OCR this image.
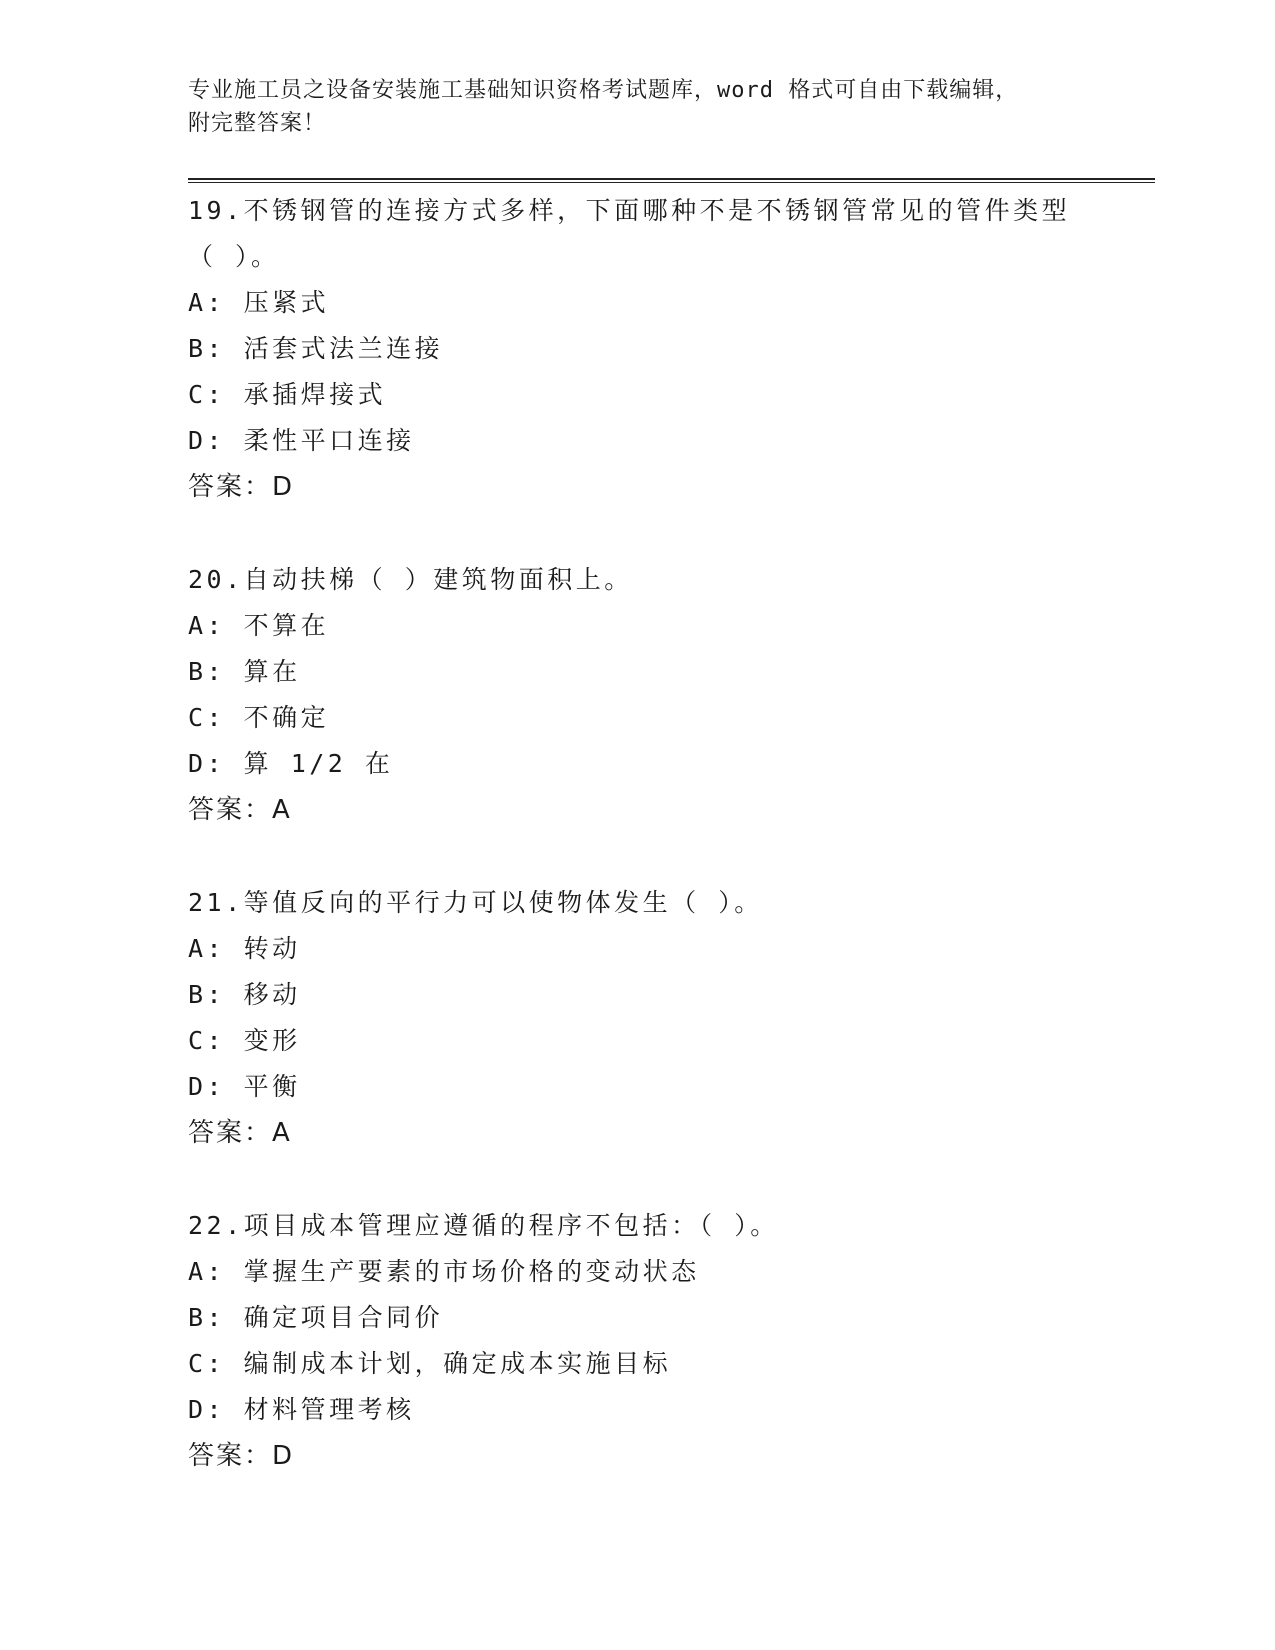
专业施工员之设备安装施工基础知识资格考试题库，word 格式可自由下载编辑，
附完整答案！

19.不锈钢管的连接方式多样，下面哪种不是不锈钢管常见的管件类型

（ ）。

A: 压紧式

B: 活套式法兰连接

C: 承插焊接式

D: 柔性平口连接

答案：D

20.自动扶梯（ ）建筑物面积上。

A: 不算在

B: 算在

C: 不确定

D: 算 1/2 在

答案：A

21.等值反向的平行力可以使物体发生（ ）。

A: 转动

B: 移动

C: 变形

D: 平衡

答案：A

22.项目成本管理应遵循的程序不包括：（ ）。

A: 掌握生产要素的市场价格的变动状态

B: 确定项目合同价

C: 编制成本计划，确定成本实施目标

D: 材料管理考核

答案：D
